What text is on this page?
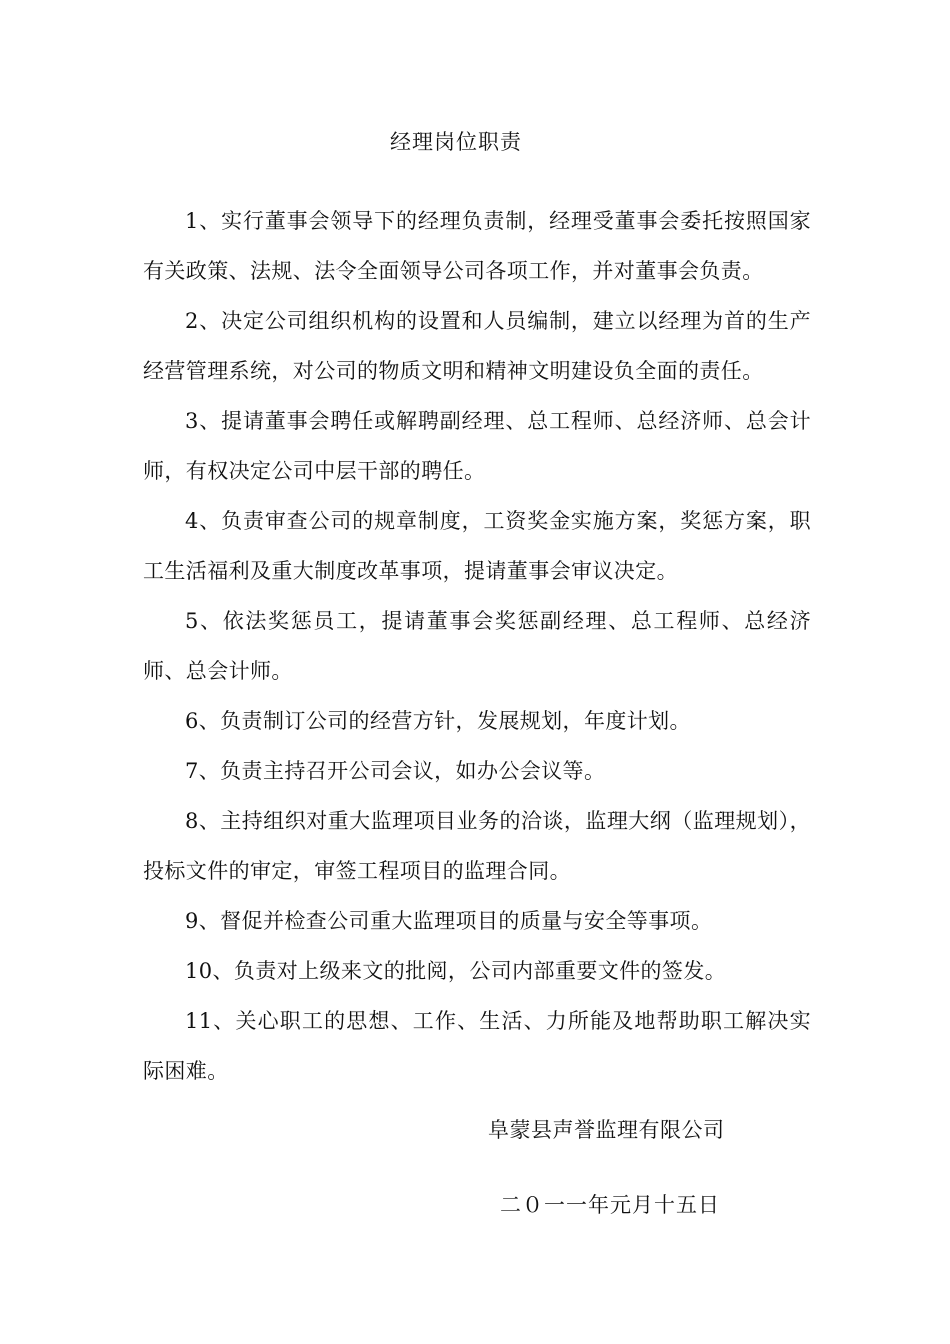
经理岗位职责

1、实行董事会领导下的经理负责制，经理受董事会委托按照国家有关政策、法规、法令全面领导公司各项工作，并对董事会负责。

2、决定公司组织机构的设置和人员编制，建立以经理为首的生产经营管理系统，对公司的物质文明和精神文明建设负全面的责任。

3、提请董事会聘任或解聘副经理、总工程师、总经济师、总会计师，有权决定公司中层干部的聘任。

4、负责审查公司的规章制度，工资奖金实施方案，奖惩方案，职工生活福利及重大制度改革事项，提请董事会审议决定。

5、依法奖惩员工，提请董事会奖惩副经理、总工程师、总经济师、总会计师。

6、负责制订公司的经营方针，发展规划，年度计划。

7、负责主持召开公司会议，如办公会议等。

8、主持组织对重大监理项目业务的洽谈，监理大纲（监理规划），投标文件的审定，审签工程项目的监理合同。

9、督促并检查公司重大监理项目的质量与安全等事项。

10、负责对上级来文的批阅，公司内部重要文件的签发。

11、关心职工的思想、工作、生活、力所能及地帮助职工解决实际困难。

阜蒙县声誉监理有限公司
二０一一年元月十五日
